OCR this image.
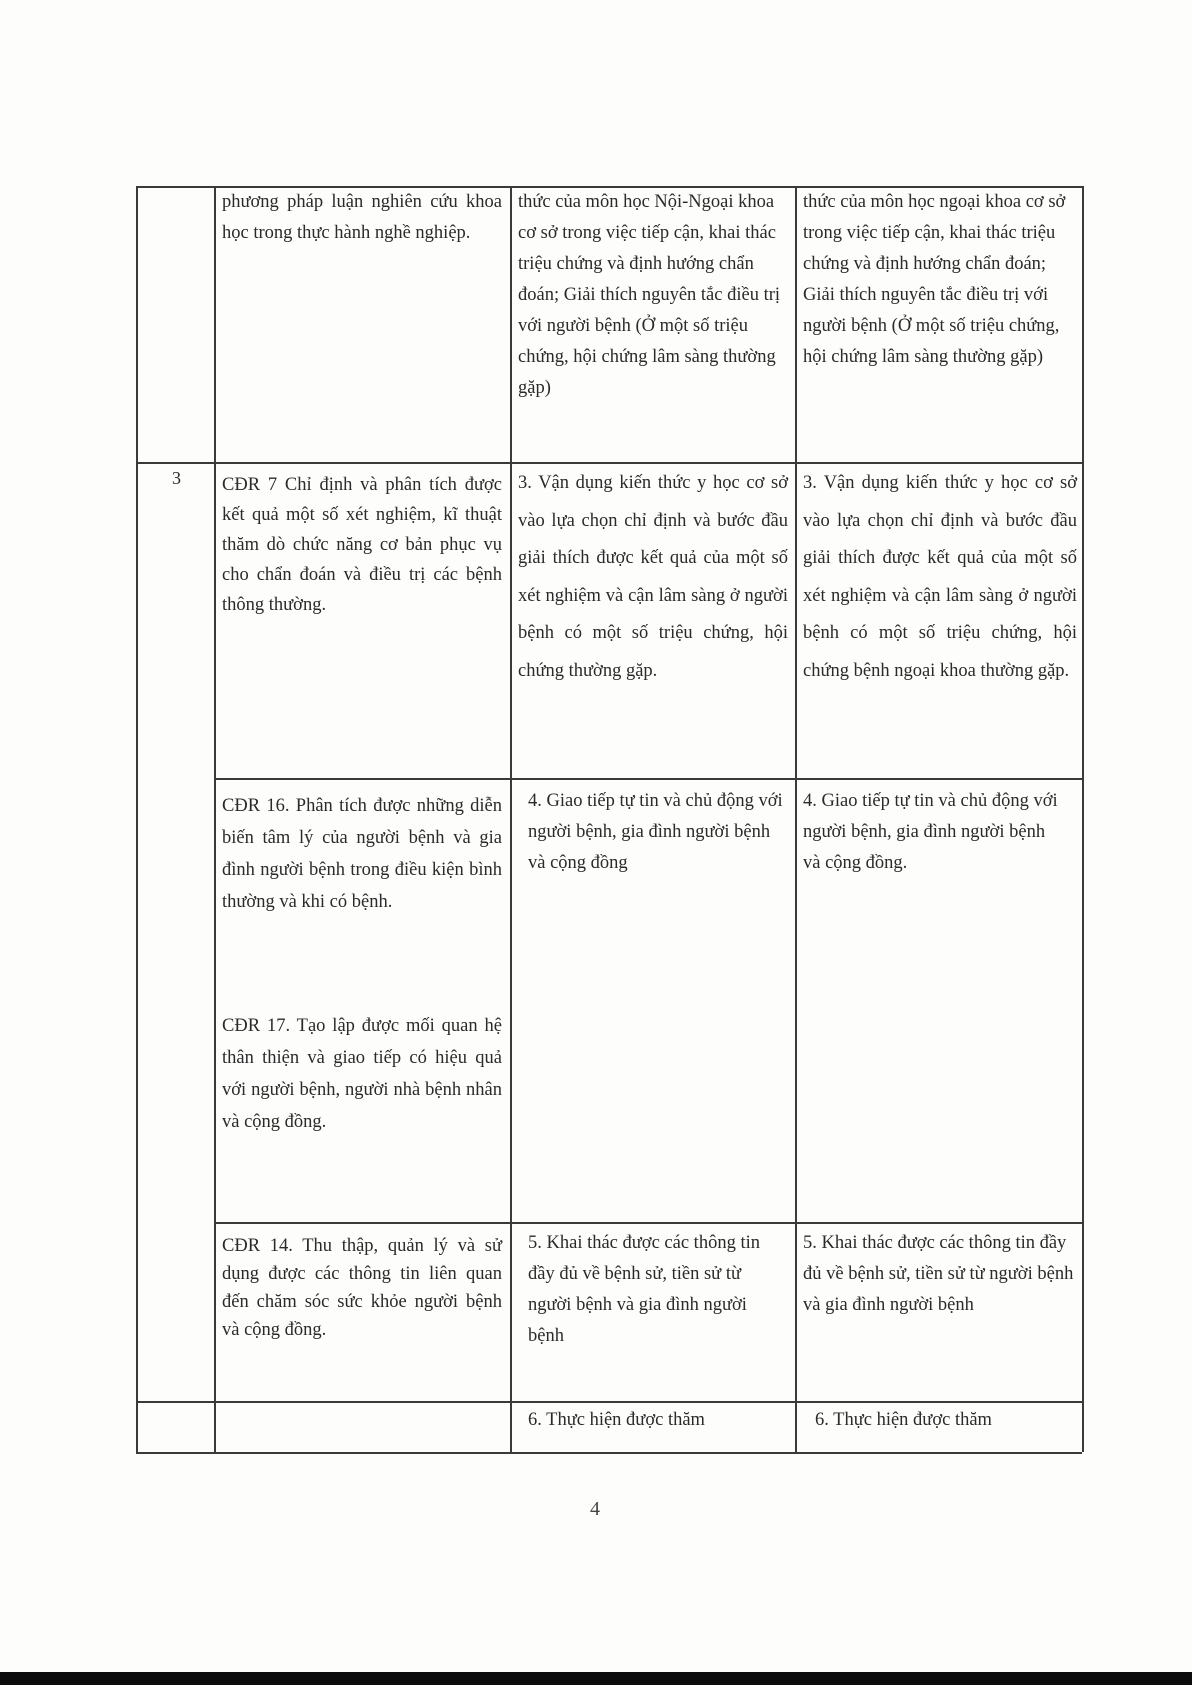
phương pháp luận nghiên cứu khoa học trong thực hành nghề nghiệp.

thức của môn học Nội-Ngoại khoa cơ sở trong việc tiếp cận, khai thác triệu chứng và định hướng chẩn đoán; Giải thích nguyên tắc điều trị với người bệnh (Ở một số triệu chứng, hội chứng lâm sàng thường gặp)

thức của môn học ngoại khoa cơ sở trong việc tiếp cận, khai thác triệu chứng và định hướng chẩn đoán; Giải thích nguyên tắc điều trị với người bệnh (Ở một số triệu chứng, hội chứng lâm sàng thường gặp)

3 CĐR 7 Chỉ định và phân tích được kết quả một số xét nghiệm, kĩ thuật thăm dò chức năng cơ bản phục vụ cho chẩn đoán và điều trị các bệnh thông thường.

3. Vận dụng kiến thức y học cơ sở vào lựa chọn chỉ định và bước đầu giải thích được kết quả của một số xét nghiệm và cận lâm sàng ở người bệnh có một số triệu chứng, hội chứng thường gặp.

3. Vận dụng kiến thức y học cơ sở vào lựa chọn chỉ định và bước đầu giải thích được kết quả của một số xét nghiệm và cận lâm sàng ở người bệnh có một số triệu chứng, hội chứng bệnh ngoại khoa thường gặp.

CĐR 16. Phân tích được những diễn biến tâm lý của người bệnh và gia đình người bệnh trong điều kiện bình thường và khi có bệnh.

CĐR 17. Tạo lập được mối quan hệ thân thiện và giao tiếp có hiệu quả với người bệnh, người nhà bệnh nhân và cộng đồng.

4. Giao tiếp tự tin và chủ động với người bệnh, gia đình người bệnh và cộng đồng

4. Giao tiếp tự tin và chủ động với người bệnh, gia đình người bệnh và cộng đồng.

CĐR 14. Thu thập, quản lý và sử dụng được các thông tin liên quan đến chăm sóc sức khỏe người bệnh và cộng đồng.

5. Khai thác được các thông tin đầy đủ về bệnh sử, tiền sử từ người bệnh và gia đình người bệnh

5. Khai thác được các thông tin đầy đủ về bệnh sử, tiền sử từ người bệnh và gia đình người bệnh

6. Thực hiện được thăm	6. Thực hiện được thăm

4
